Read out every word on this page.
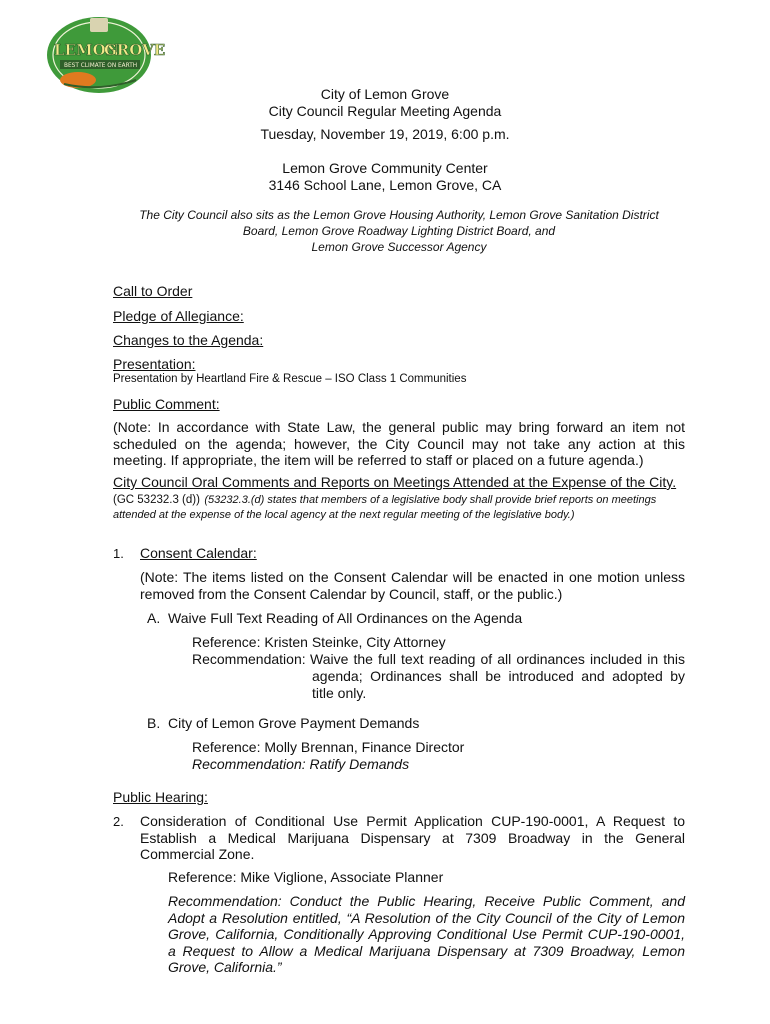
LEMON
GROVE
BEST CLIMATE ON EARTH
City of Lemon Grove
City Council Regular Meeting Agenda
Tuesday, November 19, 2019, 6:00 p.m.
Lemon Grove Community Center
3146 School Lane, Lemon Grove, CA
The City Council also sits as the Lemon Grove Housing Authority, Lemon Grove Sanitation District
Board, Lemon Grove Roadway Lighting District Board, and
Lemon Grove Successor Agency
Call to Order
Pledge of Allegiance:
Changes to the Agenda:
Presentation:
Presentation by Heartland Fire & Rescue – ISO Class 1 Communities
Public Comment:
(Note: In accordance with State Law, the general public may bring forward an item not scheduled on the agenda; however, the City Council may not take any action at this meeting. If appropriate, the item will be referred to staff or placed on a future agenda.)
City Council Oral Comments and Reports on Meetings Attended at the Expense of the City.
(GC 53232.3 (d)) (53232.3.(d) states that members of a legislative body shall provide brief reports on meetings
attended at the expense of the local agency at the next regular meeting of the legislative body.)
1. Consent Calendar:
(Note: The items listed on the Consent Calendar will be enacted in one motion unless removed from the Consent Calendar by Council, staff, or the public.)
A. Waive Full Text Reading of All Ordinances on the Agenda
Reference: Kristen Steinke, City Attorney
Recommendation: Waive the full text reading of all ordinances included in this agenda; Ordinances shall be introduced and adopted by title only.
B. City of Lemon Grove Payment Demands
Reference: Molly Brennan, Finance Director
Recommendation: Ratify Demands
Public Hearing:
2. Consideration of Conditional Use Permit Application CUP-190-0001, A Request to Establish a Medical Marijuana Dispensary at 7309 Broadway in the General Commercial Zone.
Reference: Mike Viglione, Associate Planner
Recommendation: Conduct the Public Hearing, Receive Public Comment, and Adopt a Resolution entitled, “A Resolution of the City Council of the City of Lemon Grove, California, Conditionally Approving Conditional Use Permit CUP-190-0001, a Request to Allow a Medical Marijuana Dispensary at 7309 Broadway, Lemon Grove, California.”
